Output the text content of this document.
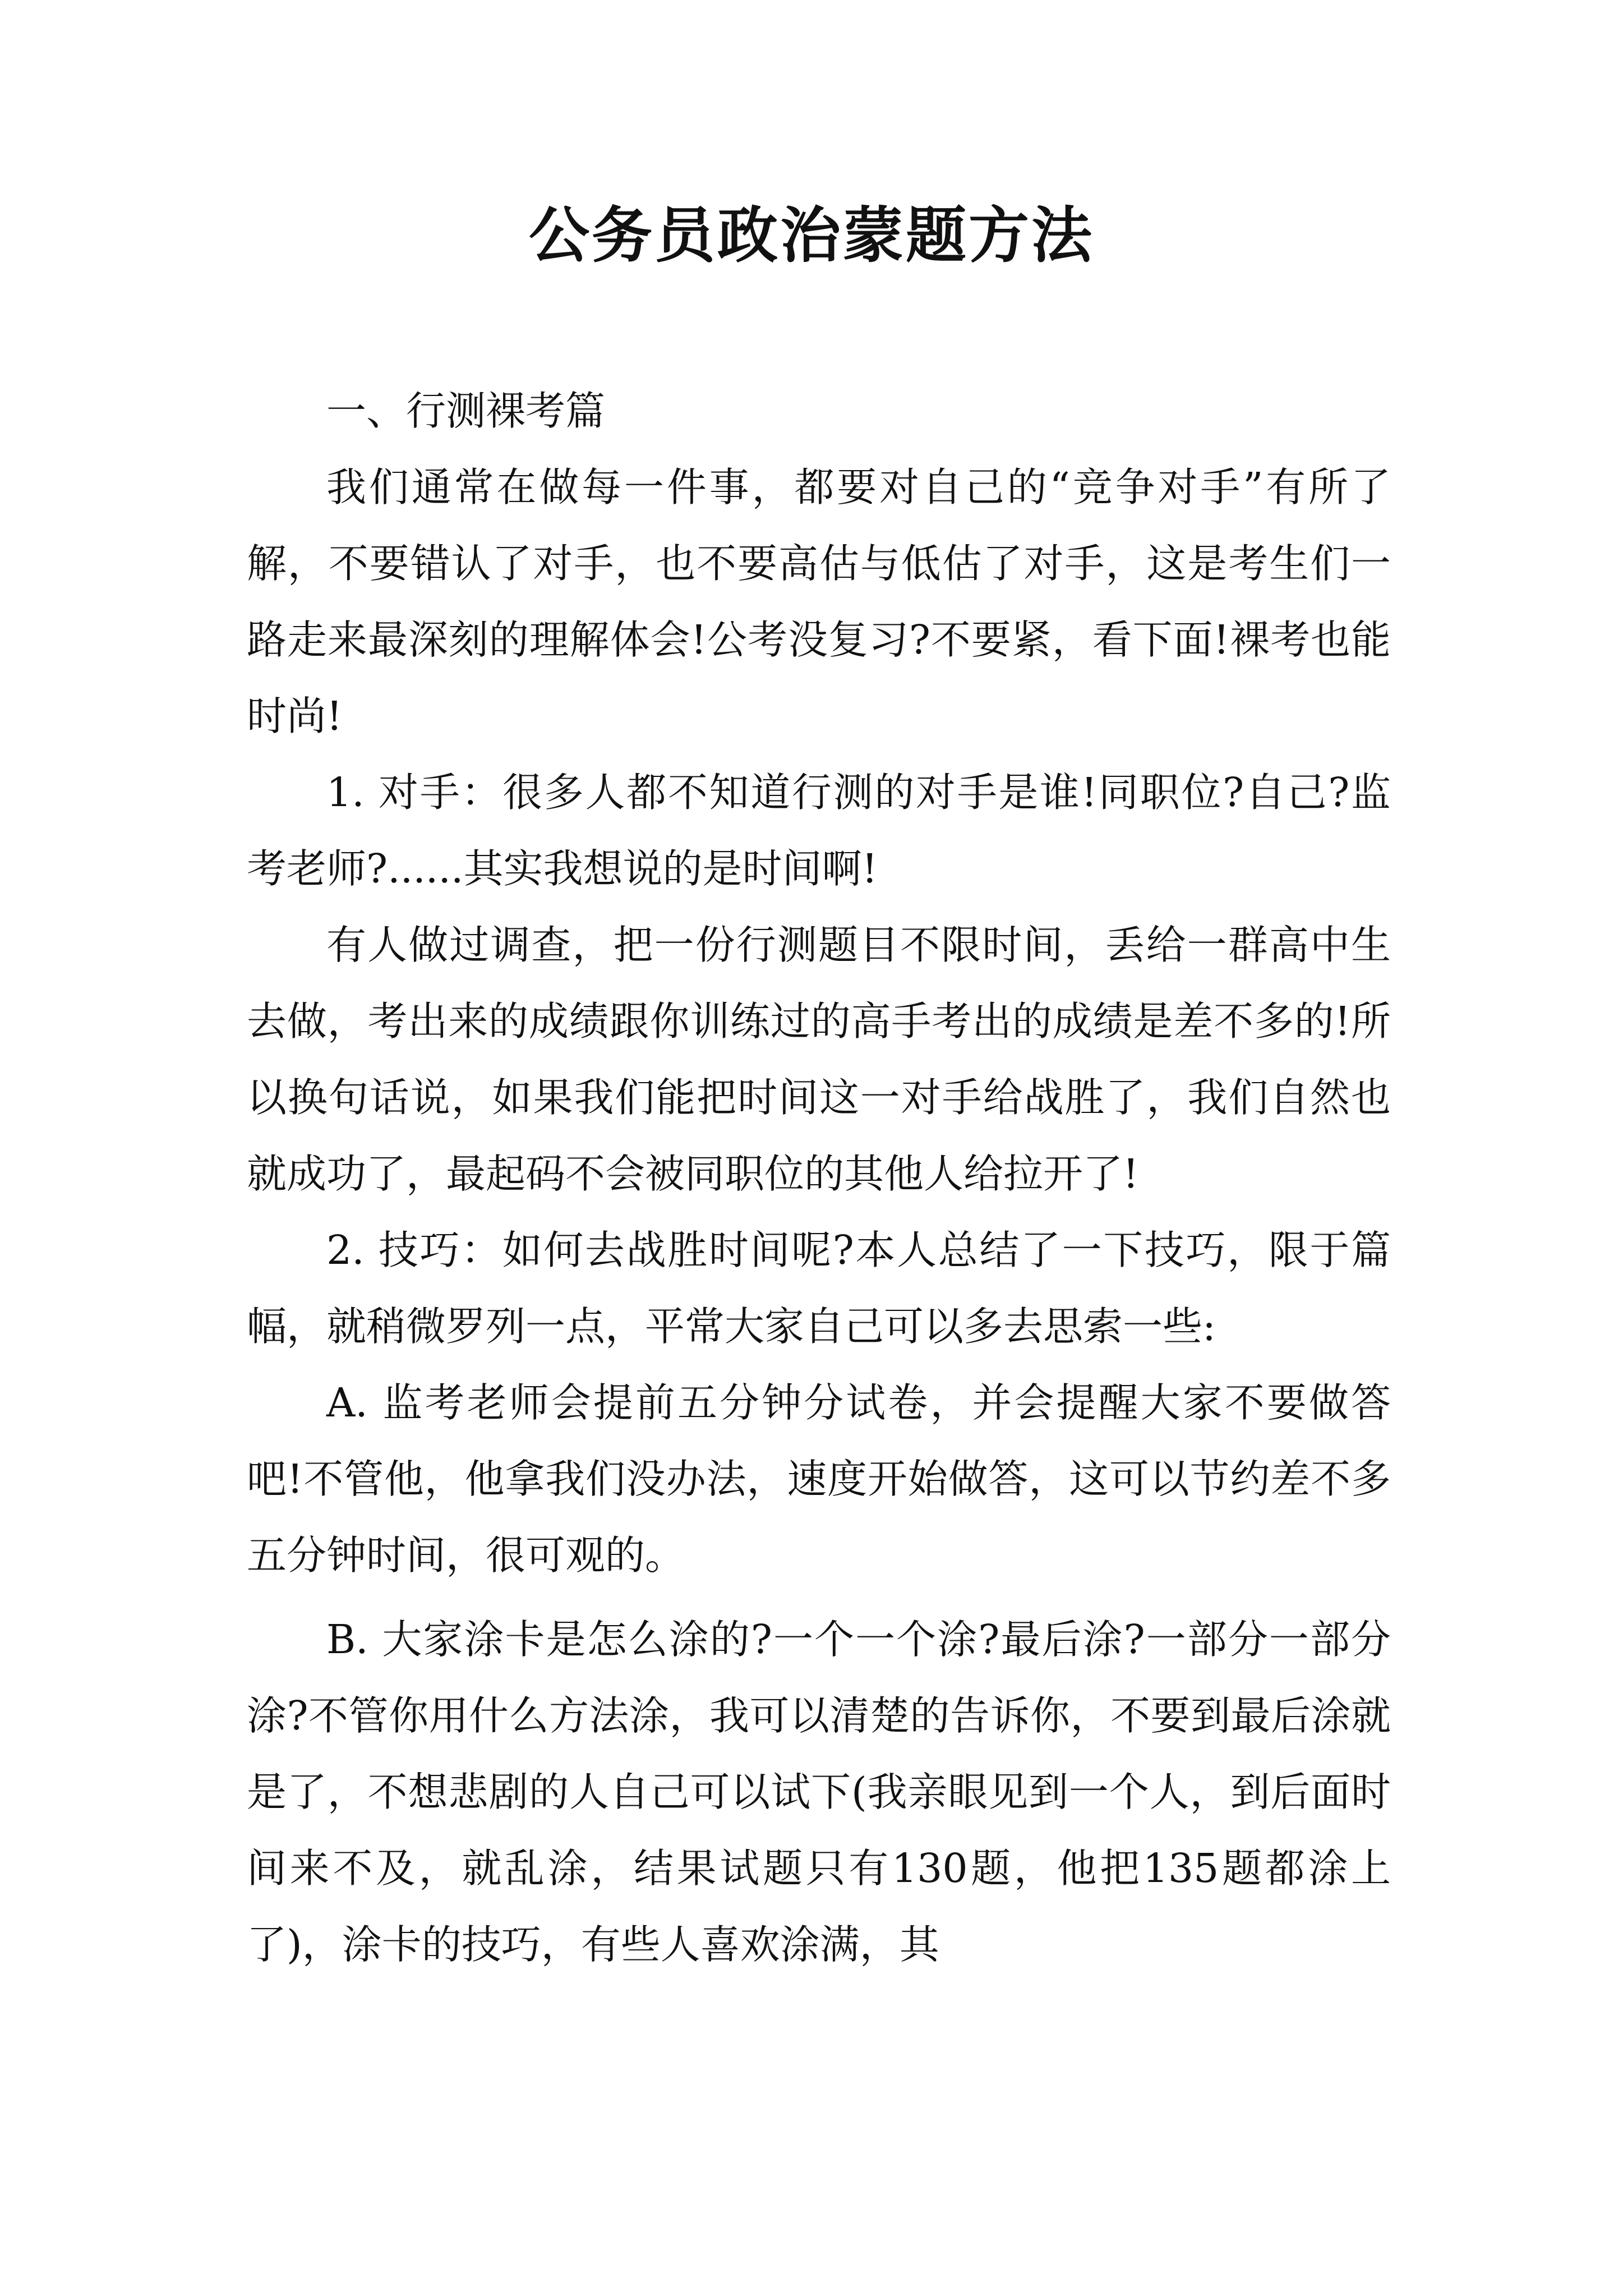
公务员政治蒙题方法

一、行测裸考篇

我们通常在做每一件事，都要对自己的“竞争对手”有所了解，不要错认了对手，也不要高估与低估了对手，这是考生们一路走来最深刻的理解体会!公考没复习?不要紧，看下面!裸考也能时尚!

1. 对手：很多人都不知道行测的对手是谁!同职位?自己?监考老师?......其实我想说的是时间啊!

有人做过调查，把一份行测题目不限时间，丢给一群高中生去做，考出来的成绩跟你训练过的高手考出的成绩是差不多的!所以换句话说，如果我们能把时间这一对手给战胜了，我们自然也就成功了，最起码不会被同职位的其他人给拉开了!

2. 技巧：如何去战胜时间呢?本人总结了一下技巧，限于篇幅，就稍微罗列一点，平常大家自己可以多去思索一些:

A. 监考老师会提前五分钟分试卷，并会提醒大家不要做答吧!不管他，他拿我们没办法，速度开始做答，这可以节约差不多五分钟时间，很可观的。

B. 大家涂卡是怎么涂的?一个一个涂?最后涂?一部分一部分涂?不管你用什么方法涂，我可以清楚的告诉你，不要到最后涂就是了，不想悲剧的人自己可以试下(我亲眼见到一个人，到后面时间来不及，就乱涂，结果试题只有130题，他把135题都涂上了)，涂卡的技巧，有些人喜欢涂满，其
